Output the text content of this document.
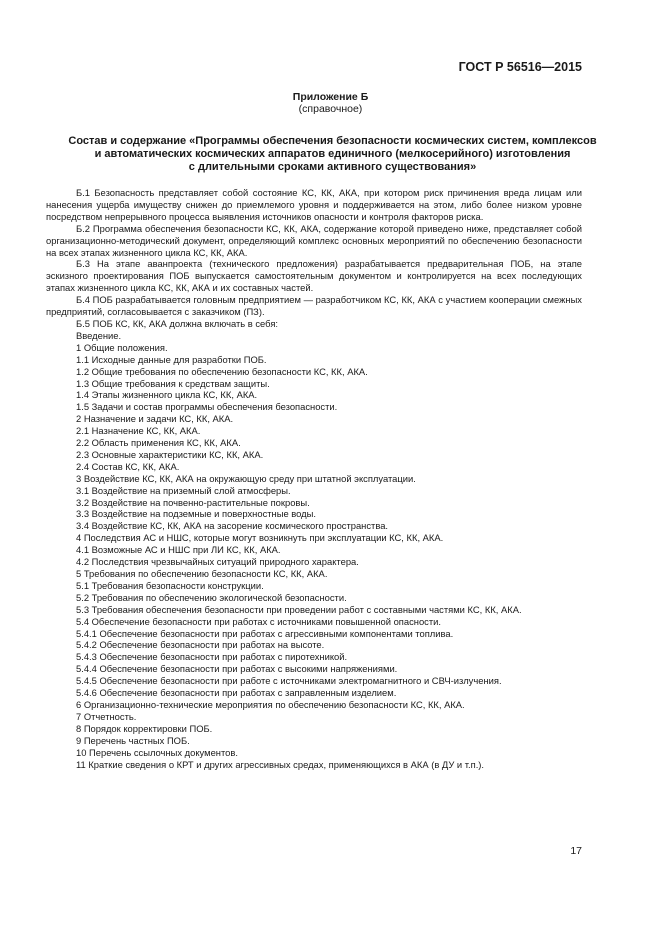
ГОСТ Р 56516—2015
Приложение Б
(справочное)
Состав и содержание «Программы обеспечения безопасности космических систем, комплексов
и автоматических космических аппаратов единичного (мелкосерийного) изготовления
с длительными сроками активного существования»

Б.1 Безопасность представляет собой состояние КС, КК, АКА, при котором риск причинения вреда лицам или нанесения ущерба имуществу снижен до приемлемого уровня и поддерживается на этом, либо более низком уровне посредством непрерывного процесса выявления источников опасности и контроля факторов риска.

Б.2 Программа обеспечения безопасности КС, КК, АКА, содержание которой приведено ниже, представляет собой организационно-методический документ, определяющий комплекс основных мероприятий по обеспечению безопасности на всех этапах жизненного цикла КС, КК, АКА.

Б.3 На этапе аванпроекта (технического предложения) разрабатывается предварительная ПОБ, на этапе эскизного проектирования ПОБ выпускается самостоятельным документом и контролируется на всех последующих этапах жизненного цикла КС, КК, АКА и их составных частей.

Б.4 ПОБ разрабатывается головным предприятием — разработчиком КС, КК, АКА с участием кооперации смежных предприятий, согласовывается с заказчиком (ПЗ).

Б.5 ПОБ КС, КК, АКА должна включать в себя:

Введение.
1 Общие положения.
1.1 Исходные данные для разработки ПОБ.
1.2 Общие требования по обеспечению безопасности КС, КК, АКА.
1.3 Общие требования к средствам защиты.
1.4 Этапы жизненного цикла КС, КК, АКА.
1.5 Задачи и состав программы обеспечения безопасности.
2 Назначение и задачи КС, КК, АКА.
2.1 Назначение КС, КК, АКА.
2.2 Область применения КС, КК, АКА.
2.3 Основные характеристики КС, КК, АКА.
2.4 Состав КС, КК, АКА.
3 Воздействие КС, КК, АКА на окружающую среду при штатной эксплуатации.
3.1 Воздействие на приземный слой атмосферы.
3.2 Воздействие на почвенно-растительные покровы.
3.3 Воздействие на подземные и поверхностные воды.
3.4 Воздействие КС, КК, АКА на засорение космического пространства.
4 Последствия АС и НШС, которые могут возникнуть при эксплуатации КС, КК, АКА.
4.1 Возможные АС и НШС при ЛИ КС, КК, АКА.
4.2 Последствия чрезвычайных ситуаций природного характера.
5 Требования по обеспечению безопасности КС, КК, АКА.
5.1 Требования безопасности конструкции.
5.2 Требования по обеспечению экологической безопасности.
5.3 Требования обеспечения безопасности при проведении работ с составными частями КС, КК, АКА.
5.4 Обеспечение безопасности при работах с источниками повышенной опасности.
5.4.1 Обеспечение безопасности при работах с агрессивными компонентами топлива.
5.4.2 Обеспечение безопасности при работах на высоте.
5.4.3 Обеспечение безопасности при работах с пиротехникой.
5.4.4 Обеспечение безопасности при работах с высокими напряжениями.
5.4.5 Обеспечение безопасности при работе с источниками электромагнитного и СВЧ-излучения.
5.4.6 Обеспечение безопасности при работах с заправленным изделием.
6 Организационно-технические мероприятия по обеспечению безопасности КС, КК, АКА.
7 Отчетность.
8 Порядок корректировки ПОБ.
9 Перечень частных ПОБ.
10 Перечень ссылочных документов.
11 Краткие сведения о КРТ и других агрессивных средах, применяющихся в АКА (в ДУ и т.п.).
17
